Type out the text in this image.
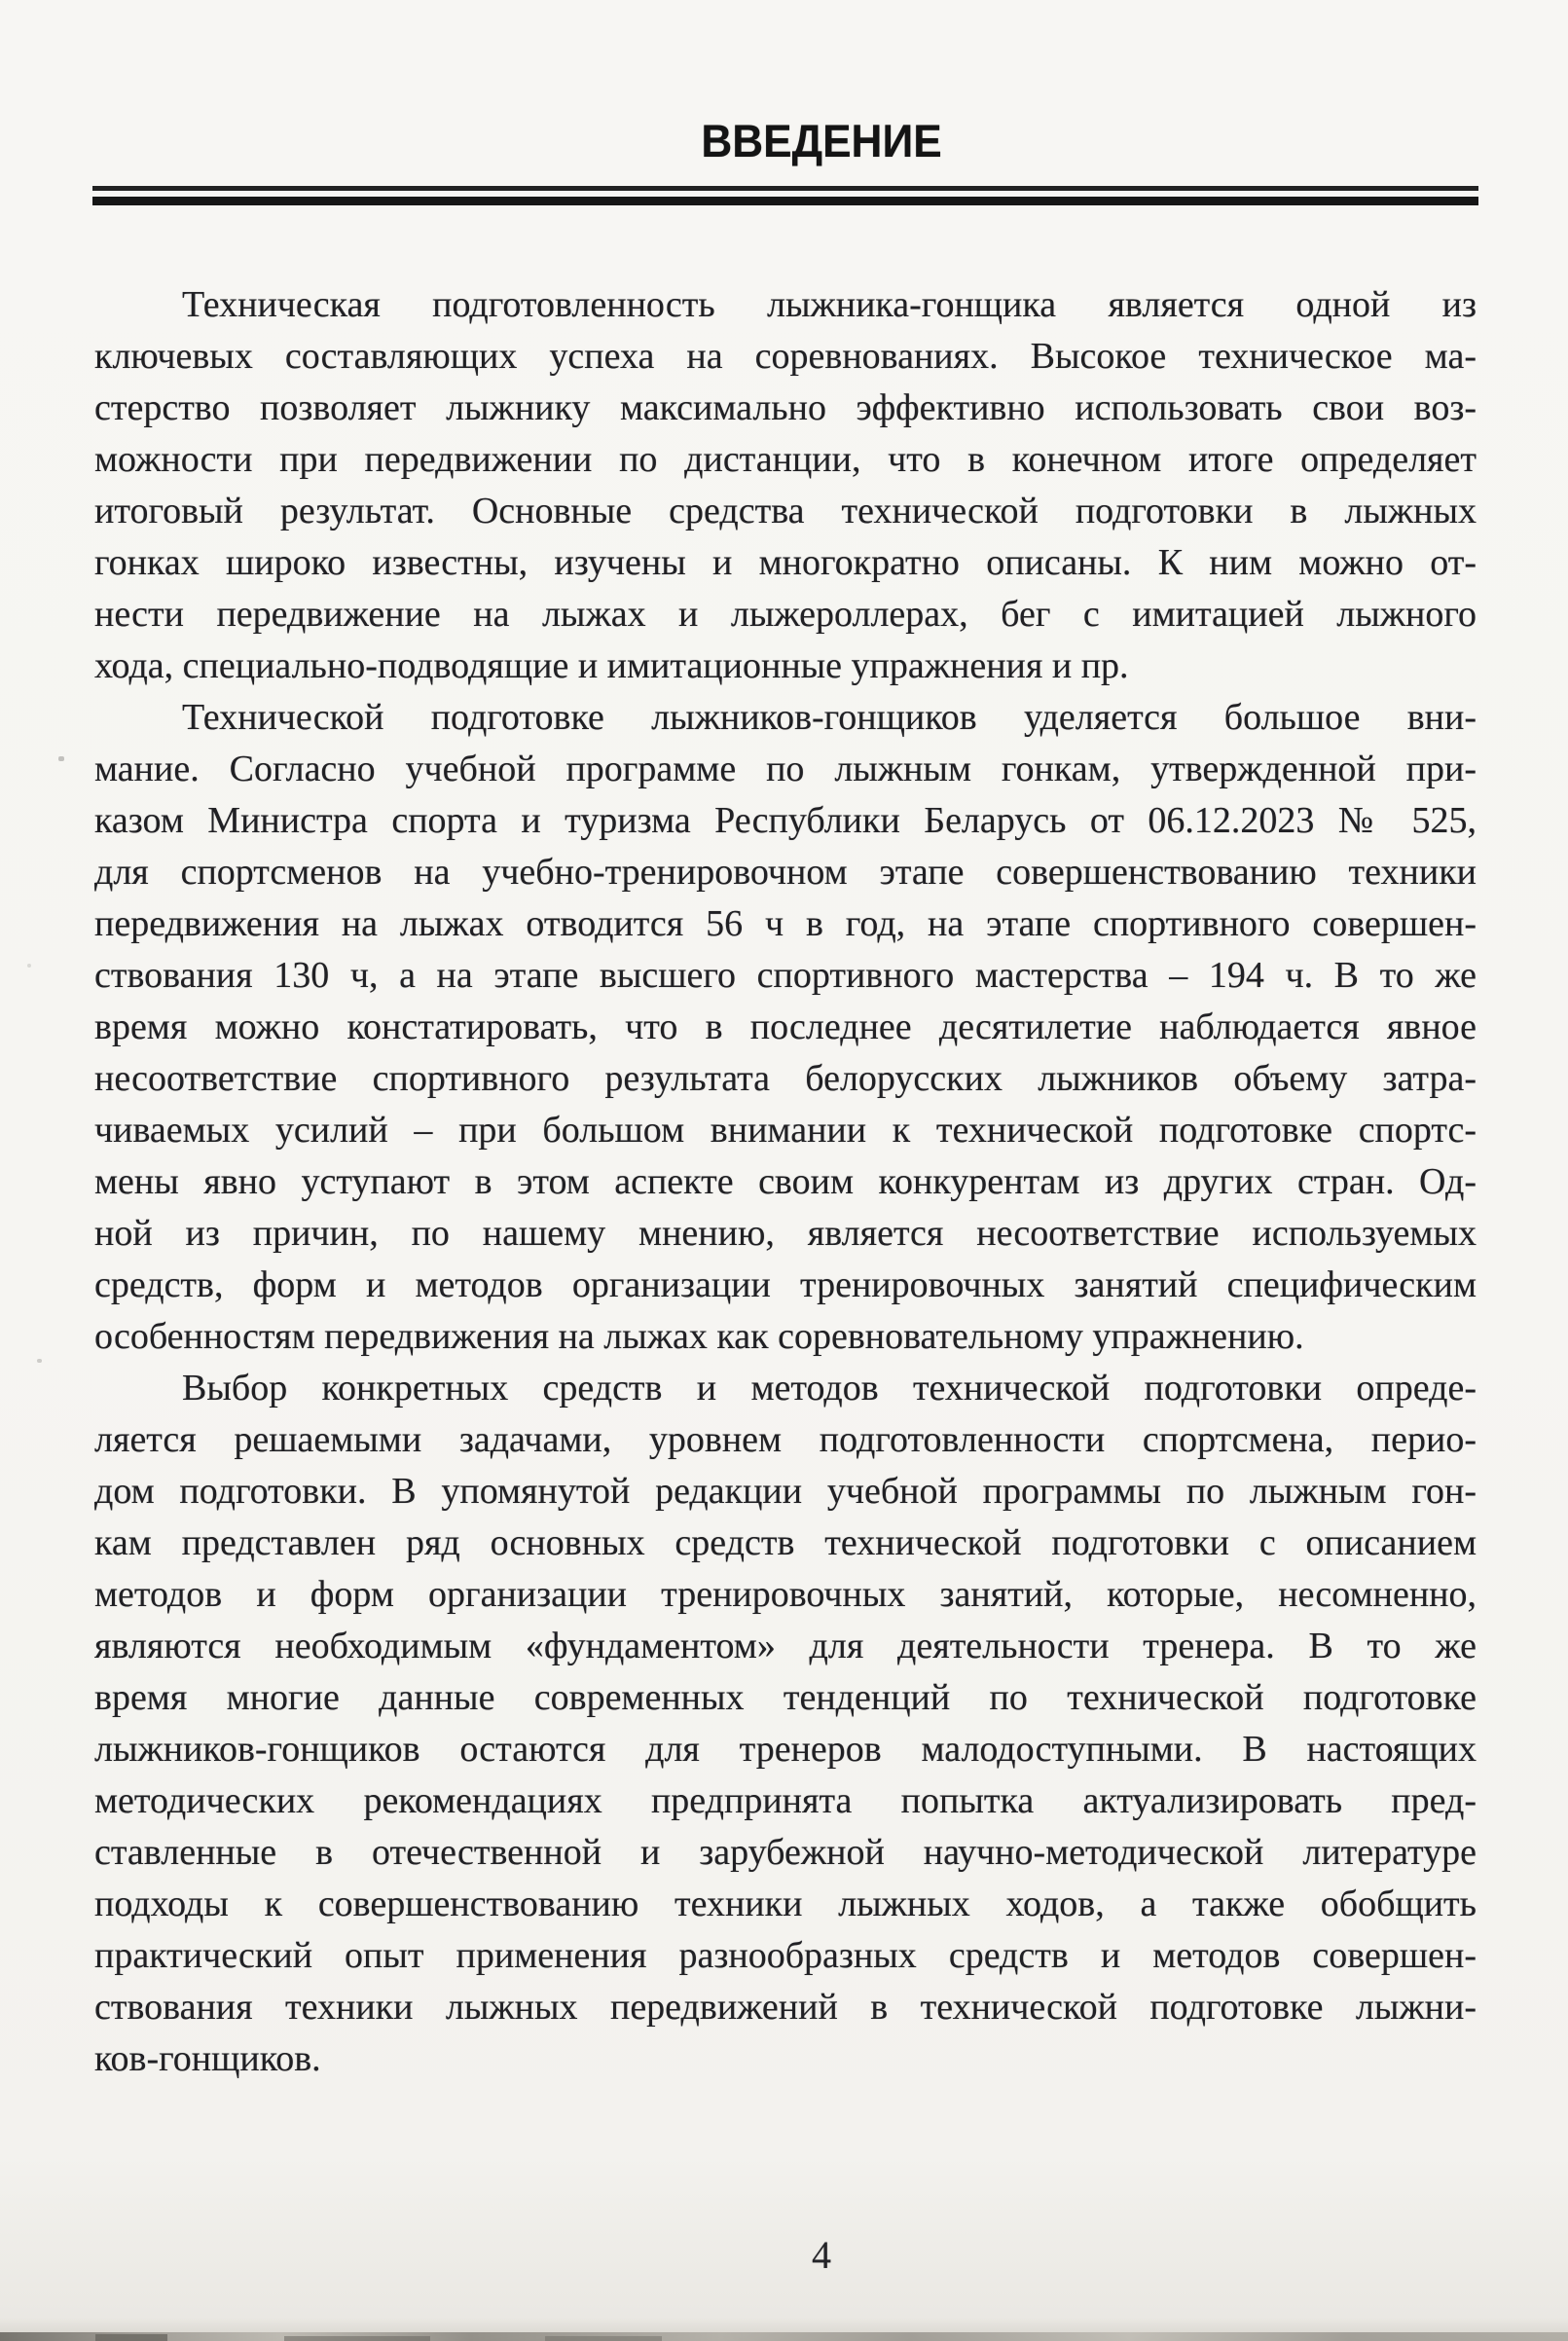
ВВЕДЕНИЕ
Техническая подготовленность лыжника-гонщика является одной из
ключевых составляющих успеха на соревнованиях. Высокое техническое ма-
стерство позволяет лыжнику максимально эффективно использовать свои воз-
можности при передвижении по дистанции, что в конечном итоге определяет
итоговый результат. Основные средства технической подготовки в лыжных
гонках широко известны, изучены и многократно описаны. К ним можно от-
нести передвижение на лыжах и лыжероллерах, бег с имитацией лыжного
хода, специально-подводящие и имитационные упражнения и пр.
Технической подготовке лыжников-гонщиков уделяется большое вни-
мание. Согласно учебной программе по лыжным гонкам, утвержденной при-
казом Министра спорта и туризма Республики Беларусь от 06.12.2023 № 525,
для спортсменов на учебно-тренировочном этапе совершенствованию техники
передвижения на лыжах отводится 56 ч в год, на этапе спортивного совершен-
ствования 130 ч, а на этапе высшего спортивного мастерства – 194 ч. В то же
время можно констатировать, что в последнее десятилетие наблюдается явное
несоответствие спортивного результата белорусских лыжников объему затра-
чиваемых усилий – при большом внимании к технической подготовке спортс-
мены явно уступают в этом аспекте своим конкурентам из других стран. Од-
ной из причин, по нашему мнению, является несоответствие используемых
средств, форм и методов организации тренировочных занятий специфическим
особенностям передвижения на лыжах как соревновательному упражнению.
Выбор конкретных средств и методов технической подготовки опреде-
ляется решаемыми задачами, уровнем подготовленности спортсмена, перио-
дом подготовки. В упомянутой редакции учебной программы по лыжным гон-
кам представлен ряд основных средств технической подготовки с описанием
методов и форм организации тренировочных занятий, которые, несомненно,
являются необходимым «фундаментом» для деятельности тренера. В то же
время многие данные современных тенденций по технической подготовке
лыжников-гонщиков остаются для тренеров малодоступными. В настоящих
методических рекомендациях предпринята попытка актуализировать пред-
ставленные в отечественной и зарубежной научно-методической литературе
подходы к совершенствованию техники лыжных ходов, а также обобщить
практический опыт применения разнообразных средств и методов совершен-
ствования техники лыжных передвижений в технической подготовке лыжни-
ков-гонщиков.
4
